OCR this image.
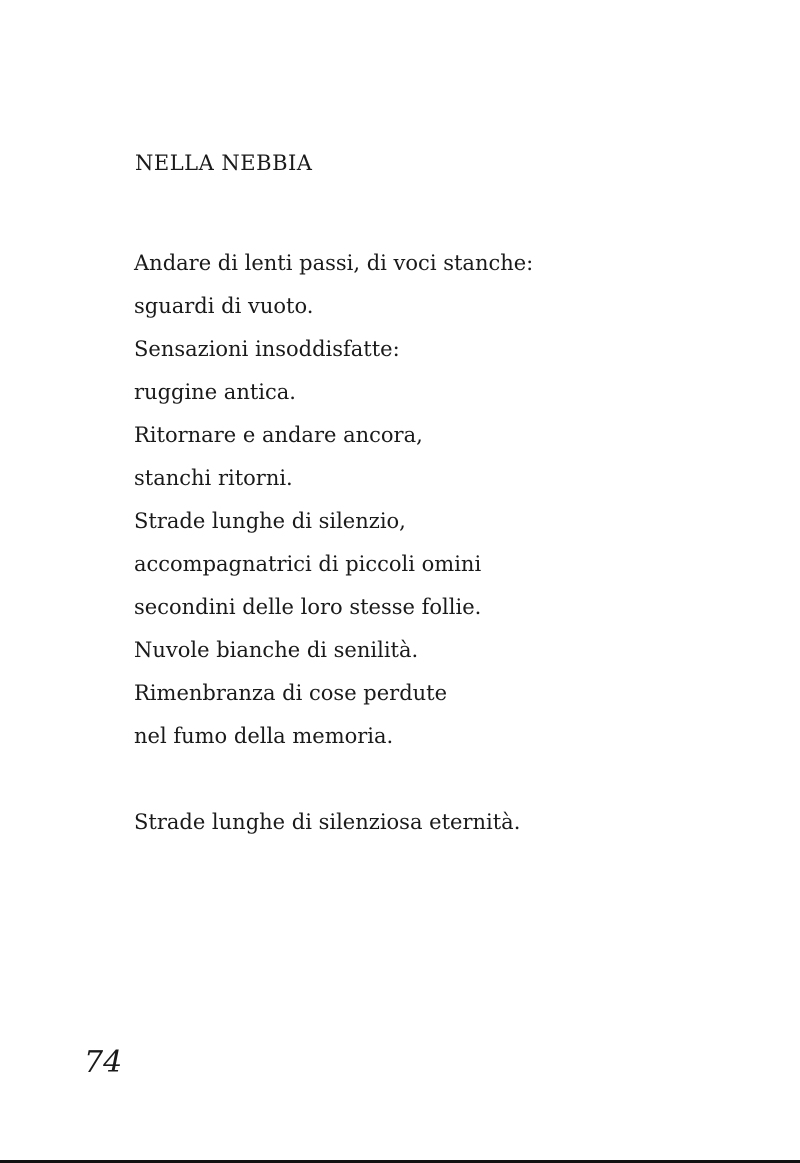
NELLA NEBBIA
Andare di lenti passi, di voci stanche:
sguardi di vuoto.
Sensazioni insoddisfatte:
ruggine antica.
Ritornare e andare ancora,
stanchi ritorni.
Strade lunghe di silenzio,
accompagnatrici di piccoli omini
secondini delle loro stesse follie.
Nuvole bianche di senilità.
Rimenbranza di cose perdute
nel fumo della memoria.
Strade lunghe di silenziosa eternità.
74
